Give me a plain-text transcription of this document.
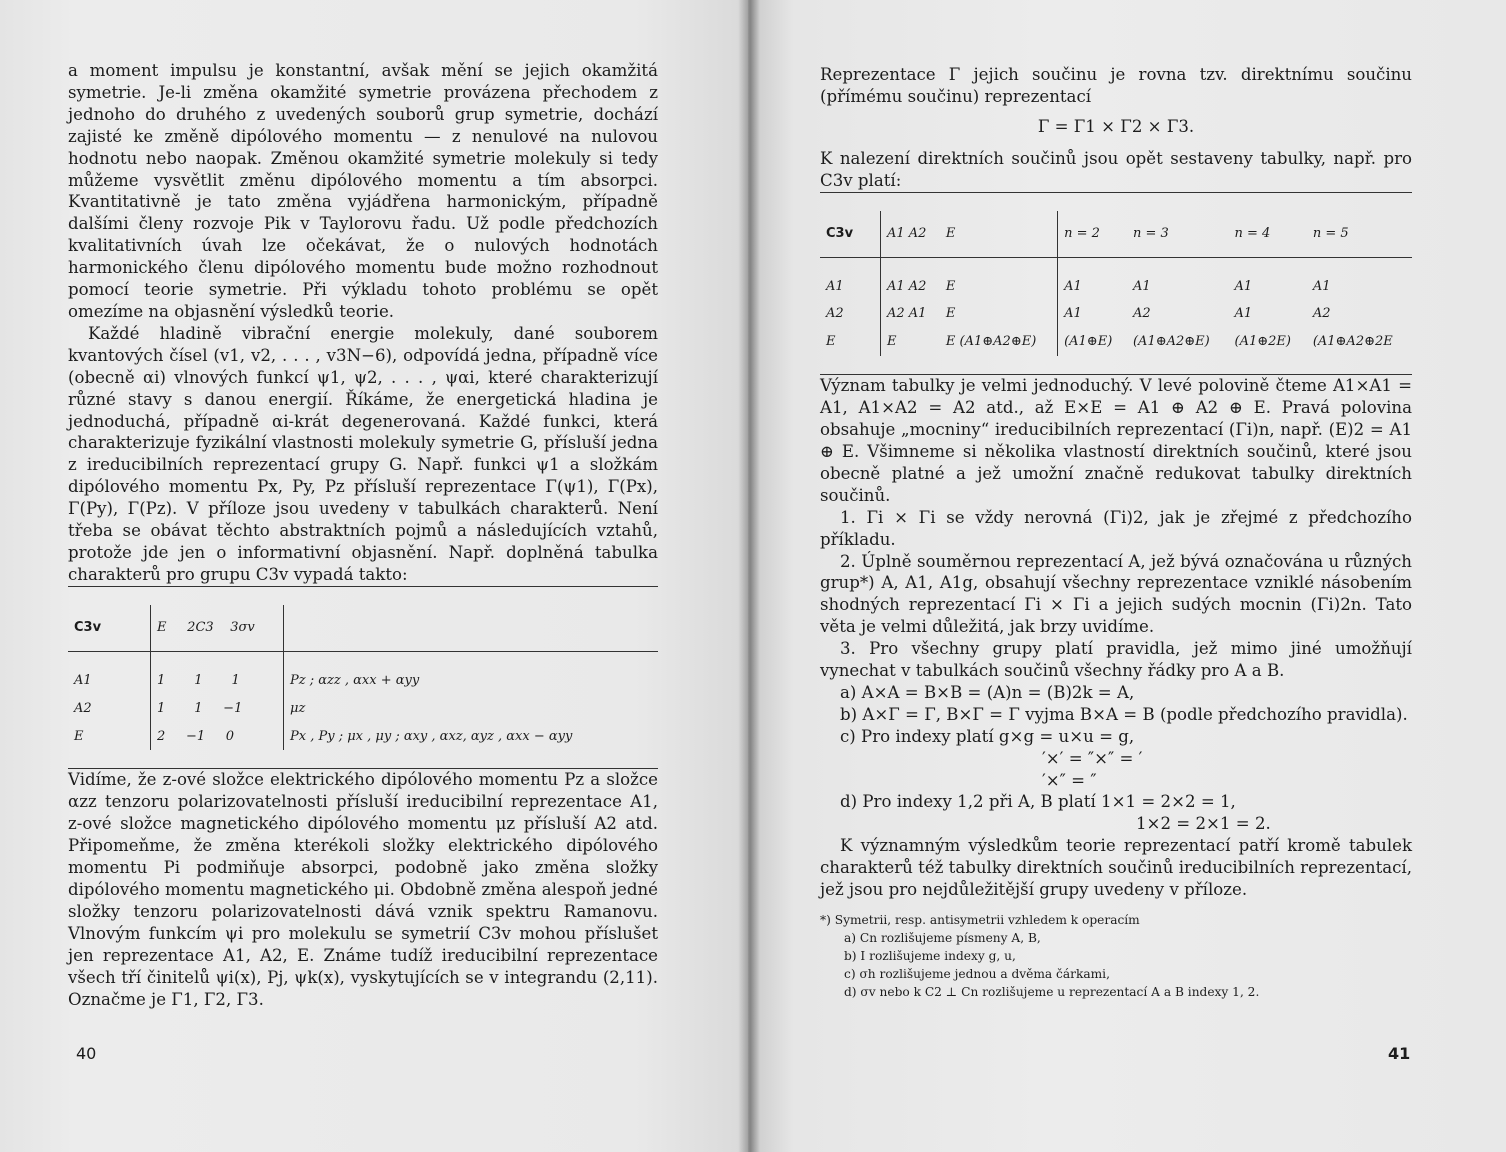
a moment impulsu je konstantní, avšak mění se jejich okamžitá symetrie. Je-li změna okamžité symetrie provázena přechodem z jednoho do druhého z uvedených souborů grup symetrie, dochází zajisté ke změně dipólového momentu — z nenulové na nulovou hodnotu nebo naopak. Změnou okamžité symetrie molekuly si tedy můžeme vysvětlit změnu dipólového momentu a tím absorpci. Kvantitativně je tato změna vyjádřena harmonickým, případně dalšími členy rozvoje Pik v Taylorovu řadu. Už podle předchozích kvalitativních úvah lze očekávat, že o nulových hodnotách harmonického členu dipólového momentu bude možno rozhodnout pomocí teorie symetrie. Při výkladu tohoto problému se opět omezíme na objasnění výsledků teorie.

Každé hladině vibrační energie molekuly, dané souborem kvantových čísel (v1, v2, . . . , v3N−6), odpovídá jedna, případně více (obecně αi) vlnových funkcí ψ1, ψ2, . . . , ψαi, které charakterizují různé stavy s danou energií. Říkáme, že energetická hladina je jednoduchá, případně αi-krát degenerovaná. Každé funkci, která charakterizuje fyzikální vlastnosti molekuly symetrie G, přísluší jedna z ireducibilních reprezentací grupy G. Např. funkci ψ1 a složkám dipólového momentu Px, Py, Pz přísluší reprezentace Γ(ψ1), Γ(Px), Γ(Py), Γ(Pz). V příloze jsou uvedeny v tabulkách charakterů. Není třeba se obávat těchto abstraktních pojmů a následujících vztahů, protože jde jen o informativní objasnění. Např. doplněná tabulka charakterů pro grupu C3v vypadá takto:

C3v	E 2C3 3σv	
A1	1 1 1	Pz ; αzz , αxx + αyy
A2	1 1 −1	μz
E	2 −1 0	Px , Py ; μx , μy ; αxy , αxz, αyz , αxx − αyy

Vidíme, že z-ové složce elektrického dipólového momentu Pz a složce αzz tenzoru polarizovatelnosti přísluší ireducibilní reprezentace A1, z-ové složce magnetického dipólového momentu μz přísluší A2 atd. Připomeňme, že změna kterékoli složky elektrického dipólového momentu Pi podmiňuje absorpci, podobně jako změna složky dipólového momentu magnetického μi. Obdobně změna alespoň jedné složky tenzoru polarizovatelnosti dává vznik spektru Ramanovu. Vlnovým funkcím ψi pro molekulu se symetrií C3v mohou příslušet jen reprezentace A1, A2, E. Známe tudíž ireducibilní reprezentace všech tří činitelů ψi(x), Pj, ψk(x), vyskytujících se v integrandu (2,11). Označme je Γ1, Γ2, Γ3.

40

Reprezentace Γ jejich součinu je rovna tzv. direktnímu součinu (přímému součinu) reprezentací

Γ = Γ1 × Γ2 × Γ3.

K nalezení direktních součinů jsou opět sestaveny tabulky, např. pro C3v platí:

C3v	A1 A2	E	n = 2	n = 3	n = 4	n = 5
A1	A1 A2	E	A1	A1	A1	A1
A2	A2 A1	E	A1	A2	A1	A2
E	E	E (A1⊕A2⊕E)	(A1⊕E)	(A1⊕A2⊕E)	(A1⊕2E)	(A1⊕A2⊕2E

Význam tabulky je velmi jednoduchý. V levé polovině čteme A1×A1 = A1, A1×A2 = A2 atd., až E×E = A1 ⊕ A2 ⊕ E. Pravá polovina obsahuje „mocniny“ ireducibilních reprezentací (Γi)n, např. (E)2 = A1 ⊕ E. Všimneme si několika vlastností direktních součinů, které jsou obecně platné a jež umožní značně redukovat tabulky direktních součinů.

1. Γi × Γi se vždy nerovná (Γi)2, jak je zřejmé z předchozího příkladu.

2. Úplně souměrnou reprezentací A, jež bývá označována u různých grup*) A, A1, A1g, obsahují všechny reprezentace vzniklé násobením shodných reprezentací Γi × Γi a jejich sudých mocnin (Γi)2n. Tato věta je velmi důležitá, jak brzy uvidíme.

3. Pro všechny grupy platí pravidla, jež mimo jiné umožňují vynechat v tabulkách součinů všechny řádky pro A a B.

a) A×A = B×B = (A)n = (B)2k = A,

b) A×Γ = Γ, B×Γ = Γ vyjma B×A = B (podle předchozího pravidla).

c) Pro indexy platí g×g = u×u = g,

′×′ = ″×″ = ′

′×″ = ″

d) Pro indexy 1,2 při A, B platí 1×1 = 2×2 = 1,

1×2 = 2×1 = 2.

K významným výsledkům teorie reprezentací patří kromě tabulek charakterů též tabulky direktních součinů ireducibilních reprezentací, jež jsou pro nejdůležitější grupy uvedeny v příloze.

*) Symetrii, resp. antisymetrii vzhledem k operacím

a) Cn rozlišujeme písmeny A, B,

b) I rozlišujeme indexy g, u,

c) σh rozlišujeme jednou a dvěma čárkami,

d) σv nebo k C2 ⊥ Cn rozlišujeme u reprezentací A a B indexy 1, 2.

41
